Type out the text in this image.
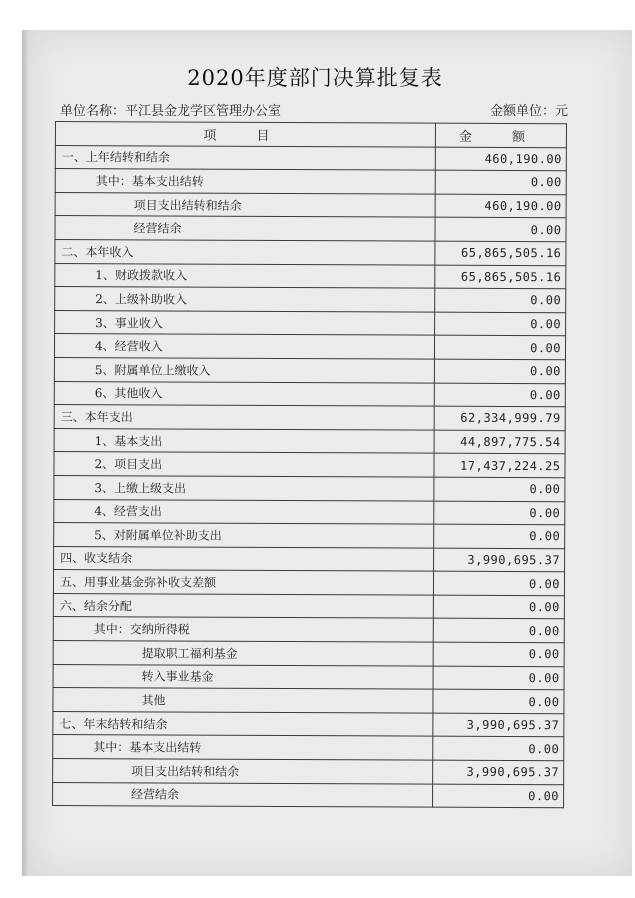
2020年度部门决算批复表
单位名称：平江县金龙学区管理办公室	金额单位：元
项 目	金 额
一、上年结转和结余	460,190.00
其中：基本支出结转	0.00
项目支出结转和结余	460,190.00
经营结余	0.00
二、本年收入	65,865,505.16
1、财政拨款收入	65,865,505.16
2、上级补助收入	0.00
3、事业收入	0.00
4、经营收入	0.00
5、附属单位上缴收入	0.00
6、其他收入	0.00
三、本年支出	62,334,999.79
1、基本支出	44,897,775.54
2、项目支出	17,437,224.25
3、上缴上级支出	0.00
4、经营支出	0.00
5、对附属单位补助支出	0.00
四、收支结余	3,990,695.37
五、用事业基金弥补收支差额	0.00
六、结余分配	0.00
其中：交纳所得税	0.00
提取职工福利基金	0.00
转入事业基金	0.00
其他	0.00
七、年末结转和结余	3,990,695.37
其中：基本支出结转	0.00
项目支出结转和结余	3,990,695.37
经营结余	0.00
